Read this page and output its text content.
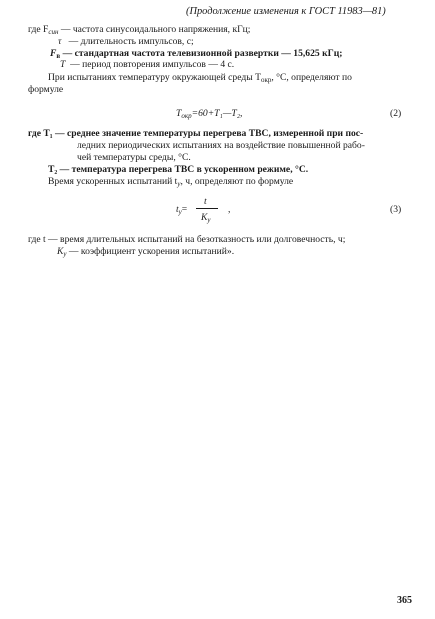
(Продолжение изменения к ГОСТ 11983—81)
где $F_{син}$ — частота синусоидального напряжения, кГц;
τ — длительность импульсов, с;
$F_в$ — стандартная частота телевизионной развертки — 15,625 кГц;
T — период повторения импульсов — 4 с.
При испытаниях температуру окружающей среды $T_{окр}$, °С, определяют по
формуле
$T_{окр}=60+T_1—T_2$,	(2)
где T₁ — среднее значение температуры перегрева ТВС, измеренной при пос-
ледних периодических испытаниях на воздействие повышенной рабо-
чей температуры среды, °С.
T₂ — температура перегрева ТВС в ускоренном режиме, °С.
Время ускоренных испытаний $t_у$, ч, определяют по формуле
t
$t_у=$
$K_у$
,	(3)
где t — время длительных испытаний на безотказность или долговечность, ч;
$K_у$ — коэффициент ускорения испытаний».
365
